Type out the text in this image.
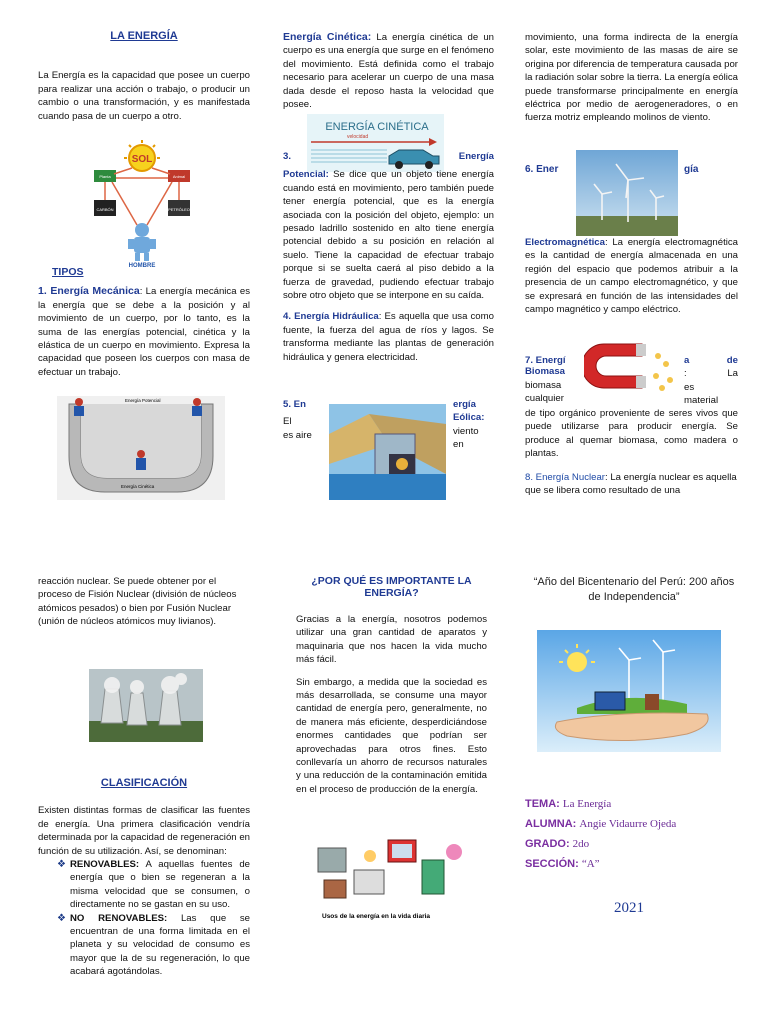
LA ENERGÍA

La Energía es la capacidad que posee un cuerpo para realizar una acción o trabajo, o producir un cambio o una transformación, y es manifestada cuando pasa de un cuerpo a otro.

SOL
Planta	Animal
CARBÓN	PETRÓLEO
HOMBRE
TIPOS

1. Energía Mecánica: La energía mecánica es la energía que se debe a la posición y al movimiento de un cuerpo, por lo tanto, es la suma de las energías potencial, cinética y la elástica de un cuerpo en movimiento. Expresa la capacidad que poseen los cuerpos con masa de efectuar un trabajo.

Energía Potencial
Energía Cinética

Energía Cinética: La energía cinética de un cuerpo es una energía que surge en el fenómeno del movimiento. Está definida como el trabajo necesario para acelerar un cuerpo de una masa dada desde el reposo hasta la velocidad que posee.

ENERGÍA CINÉTICA
velocidad
3.	Energía

Potencial: Se dice que un objeto tiene energía cuando está en movimiento, pero también puede tener energía potencial, que es la energía asociada con la posición del objeto, ejemplo: un pesado ladrillo sostenido en alto tiene energía potencial debido a su posición en relación al suelo. Tiene la capacidad de efectuar trabajo porque si se suelta caerá al piso debido a la fuerza de gravedad, pudiendo efectuar trabajo sobre otro objeto que se interpone en su caída.

4. Energía Hidráulica: Es aquella que usa como fuente, la fuerza del agua de ríos y lagos. Se transforma mediante las plantas de generación hidráulica y genera electricidad.

5. En
El
es aire
ergía
Eólica:
viento
en

movimiento, una forma indirecta de la energía solar, este movimiento de las masas de aire se origina por diferencia de temperatura causada por la radiación solar sobre la tierra. La energía eólica puede transformarse principalmente en energía eléctrica por medio de aerogeneradores, o en fuerza motriz empleando molinos de viento.

6. Ener	gía

Electromagnética: La energía electromagnética es la cantidad de energía almacenada en una región del espacio que podemos atribuir a la presencia de un campo electromagnético, y que se expresará en función de las intensidades del campo magnético y campo eléctrico.

7. Energí
Biomasa
biomasa
cualquier
a	de
:	La
es
material

de tipo orgánico proveniente de seres vivos que puede utilizarse para producir energía. Se produce al quemar biomasa, como madera o plantas.

8. Energía Nuclear: La energía nuclear es aquella que se libera como resultado de una

reacción nuclear. Se puede obtener por el proceso de Fisión Nuclear (división de núcleos atómicos pesados) o bien por Fusión Nuclear (unión de núcleos atómicos muy livianos).

CLASIFICACIÓN

Existen distintas formas de clasificar las fuentes de energía. Una primera clasificación vendría determinada por la capacidad de regeneración en función de su utilización. Así, se denominan:

❖ RENOVABLES: A aquellas fuentes de energía que o bien se regeneran a la misma velocidad que se consumen, o directamente no se gastan en su uso.
❖ NO RENOVABLES: Las que se encuentran de una forma limitada en el planeta y su velocidad de consumo es mayor que la de su regeneración, lo que acabará agotándolas.
¿POR QUÉ ES IMPORTANTE LA ENERGÍA?

Gracias a la energía, nosotros podemos utilizar una gran cantidad de aparatos y maquinaria que nos hacen la vida mucho más fácil.

Sin embargo, a medida que la sociedad es más desarrollada, se consume una mayor cantidad de energía pero, generalmente, no de manera más eficiente, desperdiciándose enormes cantidades que podrían ser aprovechadas para otros fines. Esto conllevaría un ahorro de recursos naturales y una reducción de la contaminación emitida en el proceso de producción de la energía.

Usos de la energía en la vida diaria
“Año del Bicentenario del Perú: 200 años de Independencia”
TEMA: La Energía
ALUMNA: Angie Vidaurre Ojeda
GRADO: 2do
SECCIÓN: “A”
2021
